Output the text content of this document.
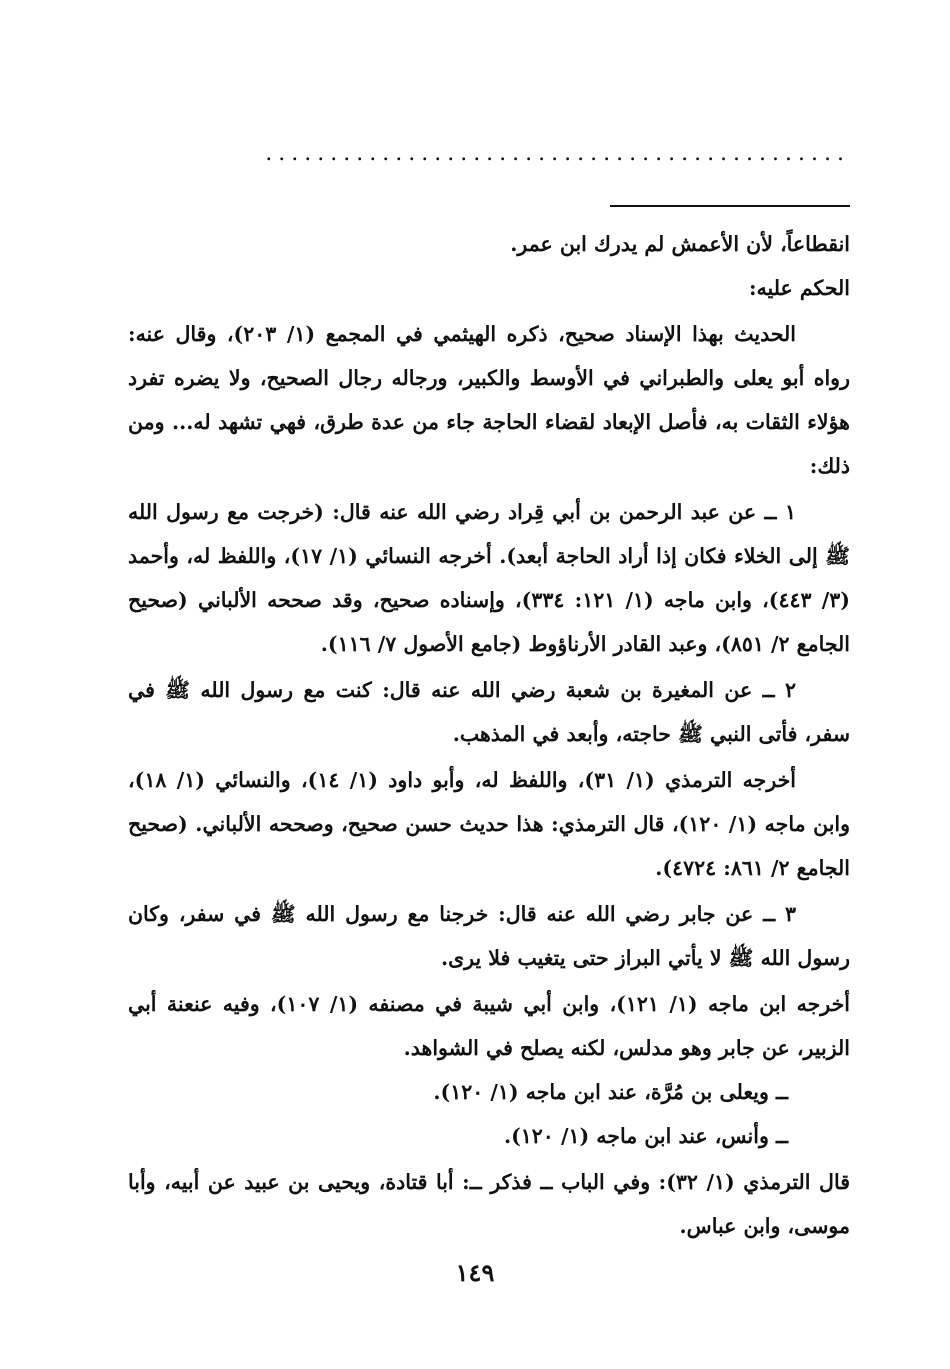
.............................................

انقطاعاً، لأن الأعمش لم يدرك ابن عمر.

الحكم عليه:

الحديث بهذا الإسناد صحيح، ذكره الهيثمي في المجمع (١/ ٢٠٣)، وقال عنه: رواه أبو يعلى والطبراني في الأوسط والكبير، ورجاله رجال الصحيح، ولا يضره تفرد هؤلاء الثقات به، فأصل الإبعاد لقضاء الحاجة جاء من عدة طرق، فهي تشهد له... ومن ذلك:

١ ــ عن عبد الرحمن بن أبي قِراد رضي الله عنه قال: (خرجت مع رسول الله ﷺ إلى الخلاء فكان إذا أراد الحاجة أبعد). أخرجه النسائي (١/ ١٧)، واللفظ له، وأحمد (٣/ ٤٤٣)، وابن ماجه (١/ ١٢١: ٣٣٤)، وإسناده صحيح، وقد صححه الألباني (صحيح الجامع ٢/ ٨٥١)، وعبد القادر الأرناؤوط (جامع الأصول ٧/ ١١٦).

٢ ــ عن المغيرة بن شعبة رضي الله عنه قال: كنت مع رسول الله ﷺ في سفر، فأتى النبي ﷺ حاجته، وأبعد في المذهب.

أخرجه الترمذي (١/ ٣١)، واللفظ له، وأبو داود (١/ ١٤)، والنسائي (١/ ١٨)، وابن ماجه (١/ ١٢٠)، قال الترمذي: هذا حديث حسن صحيح، وصححه الألباني. (صحيح الجامع ٢/ ٨٦١: ٤٧٢٤).

٣ ــ عن جابر رضي الله عنه قال: خرجنا مع رسول الله ﷺ في سفر، وكان رسول الله ﷺ لا يأتي البراز حتى يتغيب فلا يرى.

أخرجه ابن ماجه (١/ ١٢١)، وابن أبي شيبة في مصنفه (١/ ١٠٧)، وفيه عنعنة أبي الزبير، عن جابر وهو مدلس، لكنه يصلح في الشواهد.

ــ ويعلى بن مُرَّة، عند ابن ماجه (١/ ١٢٠).

ــ وأنس، عند ابن ماجه (١/ ١٢٠).

قال الترمذي (١/ ٣٢): وفي الباب ــ فذكر ــ: أبا قتادة، ويحيى بن عبيد عن أبيه، وأبا موسى، وابن عباس.

١٤٩
